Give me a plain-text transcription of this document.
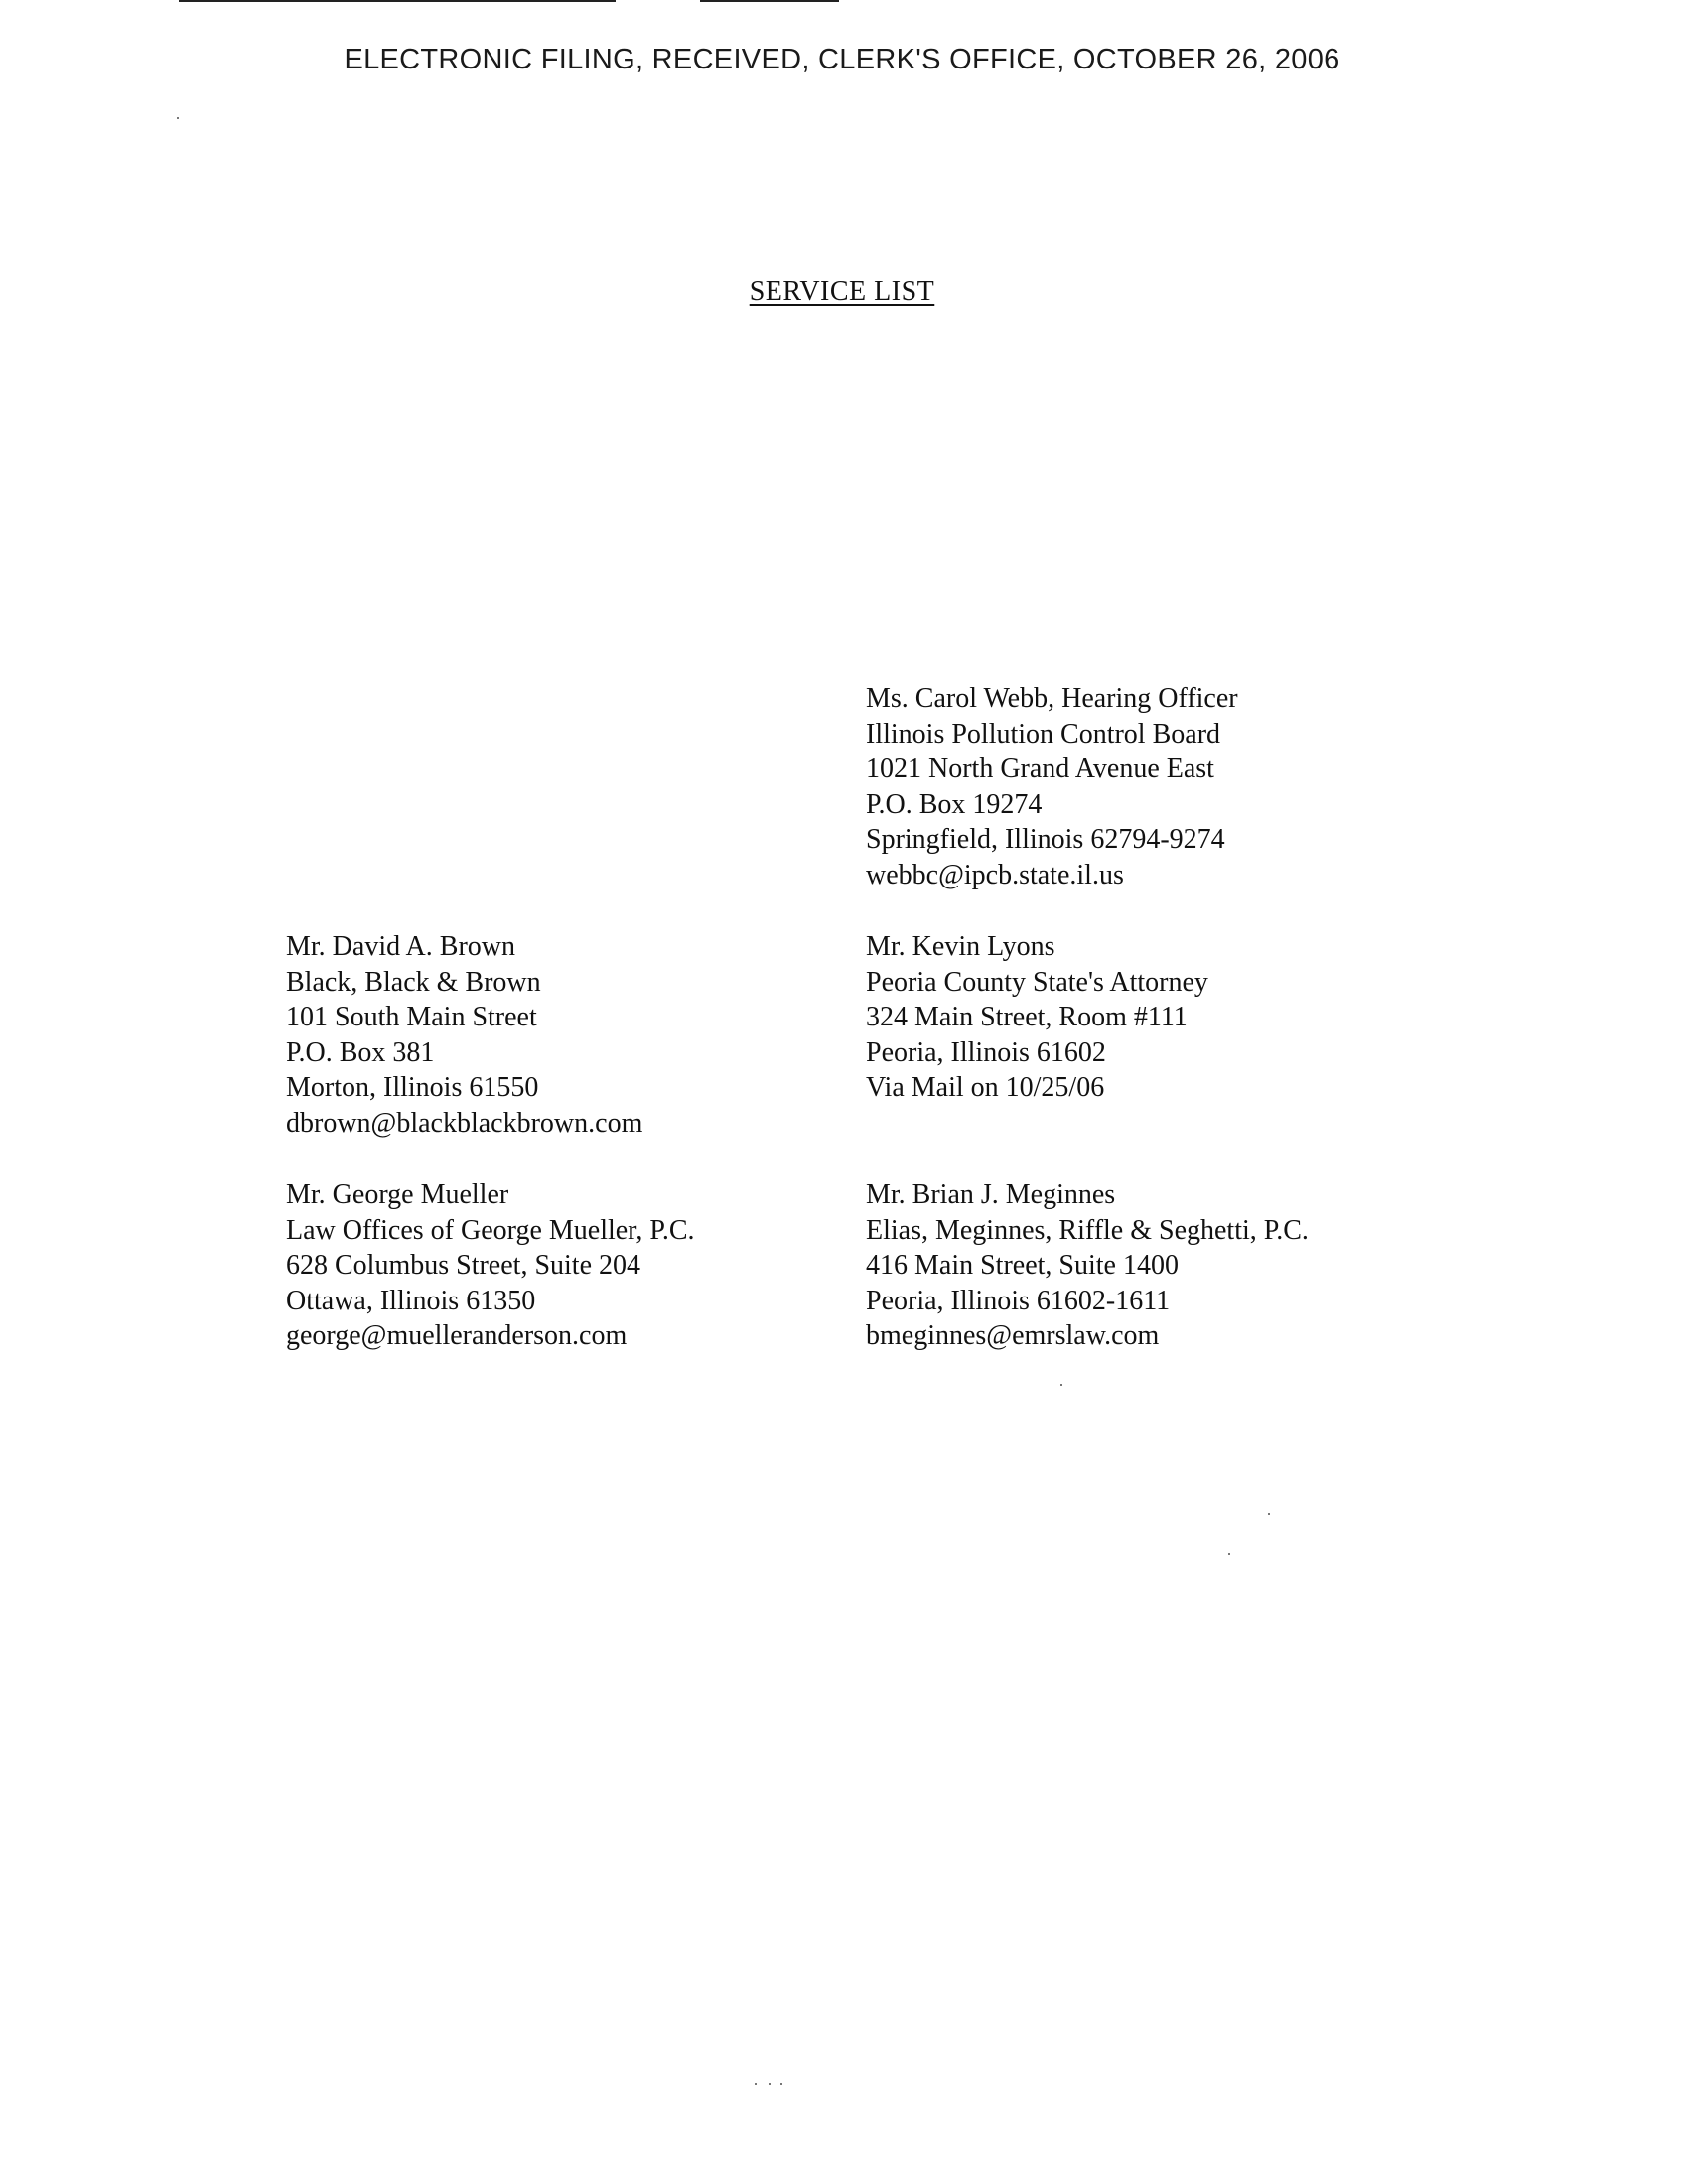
ELECTRONIC FILING, RECEIVED, CLERK'S OFFICE, OCTOBER 26, 2006
SERVICE LIST
Ms. Carol Webb, Hearing Officer
Illinois Pollution Control Board
1021 North Grand Avenue East
P.O. Box 19274
Springfield, Illinois 62794-9274
webbc@ipcb.state.il.us
Mr. David A. Brown
Black, Black & Brown
101 South Main Street
P.O. Box 381
Morton, Illinois 61550
dbrown@blackblackbrown.com
Mr. Kevin Lyons
Peoria County State's Attorney
324 Main Street, Room #111
Peoria, Illinois 61602
Via Mail on 10/25/06
Mr. George Mueller
Law Offices of George Mueller, P.C.
628 Columbus Street, Suite 204
Ottawa, Illinois 61350
george@muelleranderson.com
Mr. Brian J. Meginnes
Elias, Meginnes, Riffle & Seghetti, P.C.
416 Main Street, Suite 1400
Peoria, Illinois 61602-1611
bmeginnes@emrslaw.com
